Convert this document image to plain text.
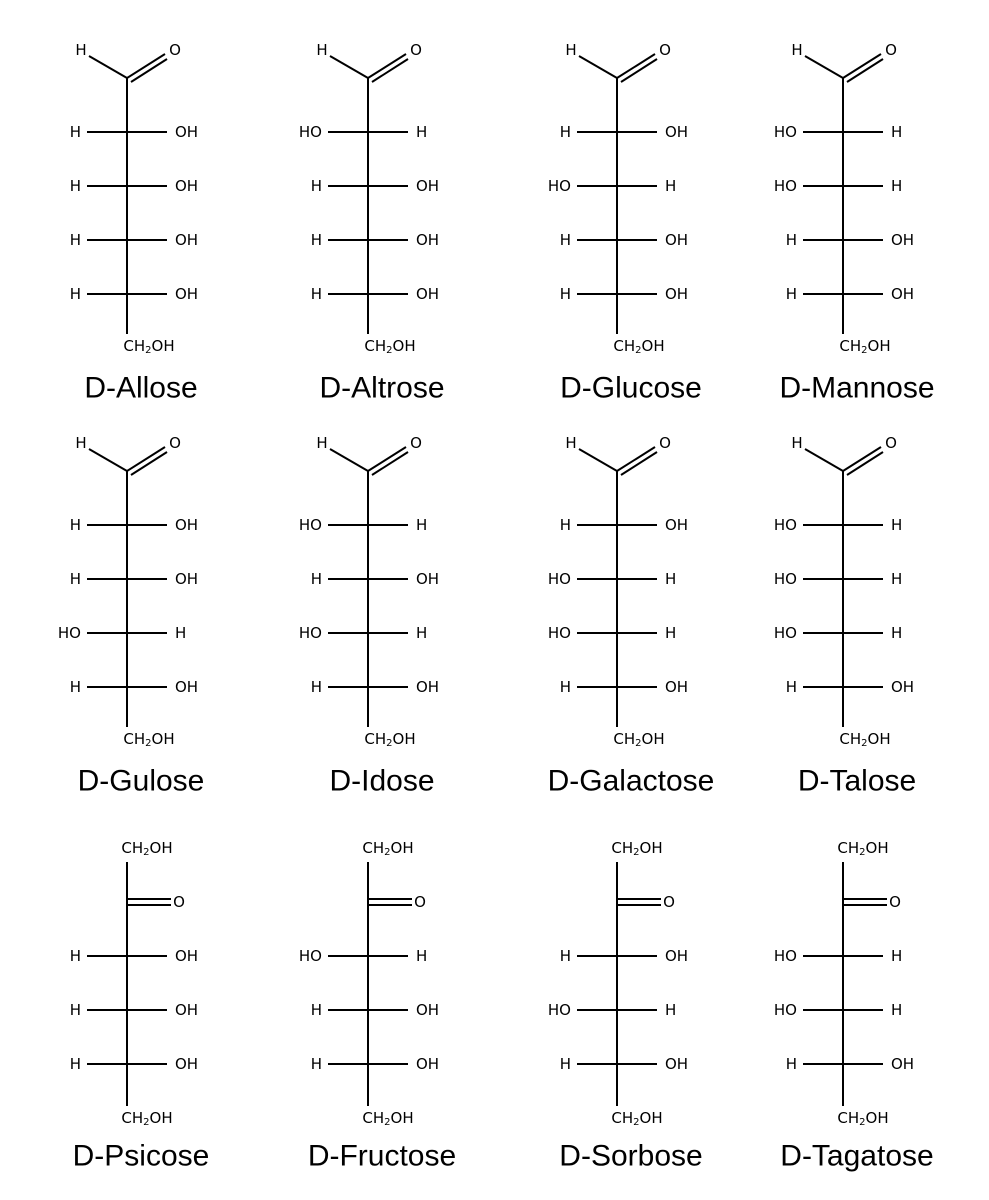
H	O
H	OH
H	OH
H	OH
H	OH
$CH_2OH$
D-Allose
H	O
HO	H
H	OH
H	OH
H	OH
$CH_2OH$
D-Altrose
H	O
H	OH
HO	H
H	OH
H	OH
$CH_2OH$
D-Glucose
H	O
HO	H
HO	H
H	OH
H	OH
$CH_2OH$
D-Mannose
H	O
H	OH
H	OH
HO	H
H	OH
$CH_2OH$
D-Gulose
H	O
HO	H
H	OH
HO	H
H	OH
$CH_2OH$
D-Idose
H	O
H	OH
HO	H
HO	H
H	OH
$CH_2OH$
D-Galactose
H	O
HO	H
HO	H
HO	H
H	OH
$CH_2OH$
D-Talose
$CH_2OH$
O
H	OH
H	OH
H	OH
$CH_2OH$
D-Psicose
$CH_2OH$
O
HO	H
H	OH
H	OH
$CH_2OH$
D-Fructose
$CH_2OH$
O
H	OH
HO	H
H	OH
$CH_2OH$
D-Sorbose
$CH_2OH$
O
HO	H
HO	H
H	OH
$CH_2OH$
D-Tagatose
